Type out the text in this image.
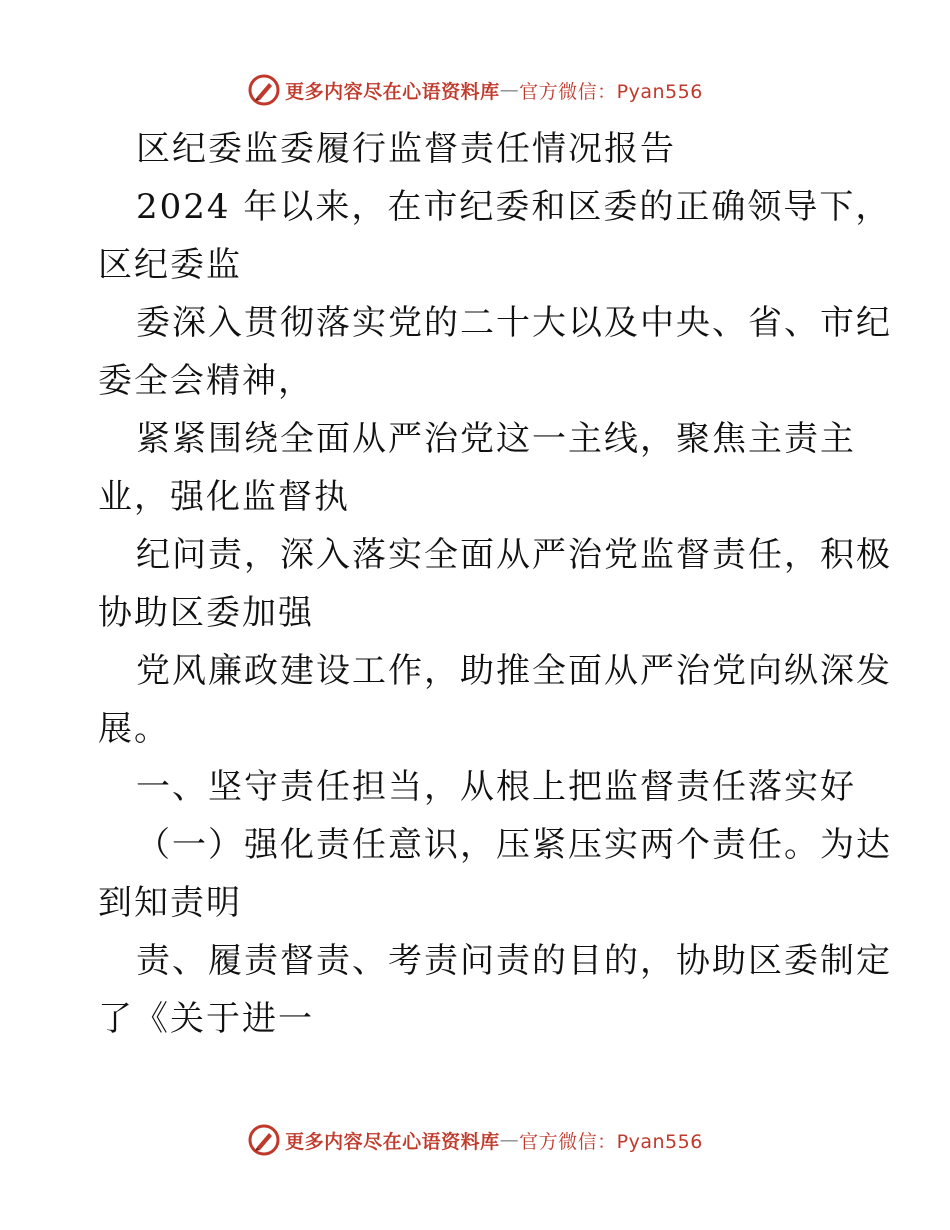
更多内容尽在心语资料库 — 官方微信：Pyan556
区纪委监委履行监督责任情况报告
2024 年以来，在市纪委和区委的正确领导下，
区纪委监
委深入贯彻落实党的二十大以及中央、省、市纪
委全会精神，
紧紧围绕全面从严治党这一主线，聚焦主责主
业，强化监督执
纪问责，深入落实全面从严治党监督责任，积极
协助区委加强
党风廉政建设工作，助推全面从严治党向纵深发
展。
一、坚守责任担当，从根上把监督责任落实好
（一）强化责任意识，压紧压实两个责任。为达
到知责明
责、履责督责、考责问责的目的，协助区委制定
了《关于进一
更多内容尽在心语资料库 — 官方微信：Pyan556
